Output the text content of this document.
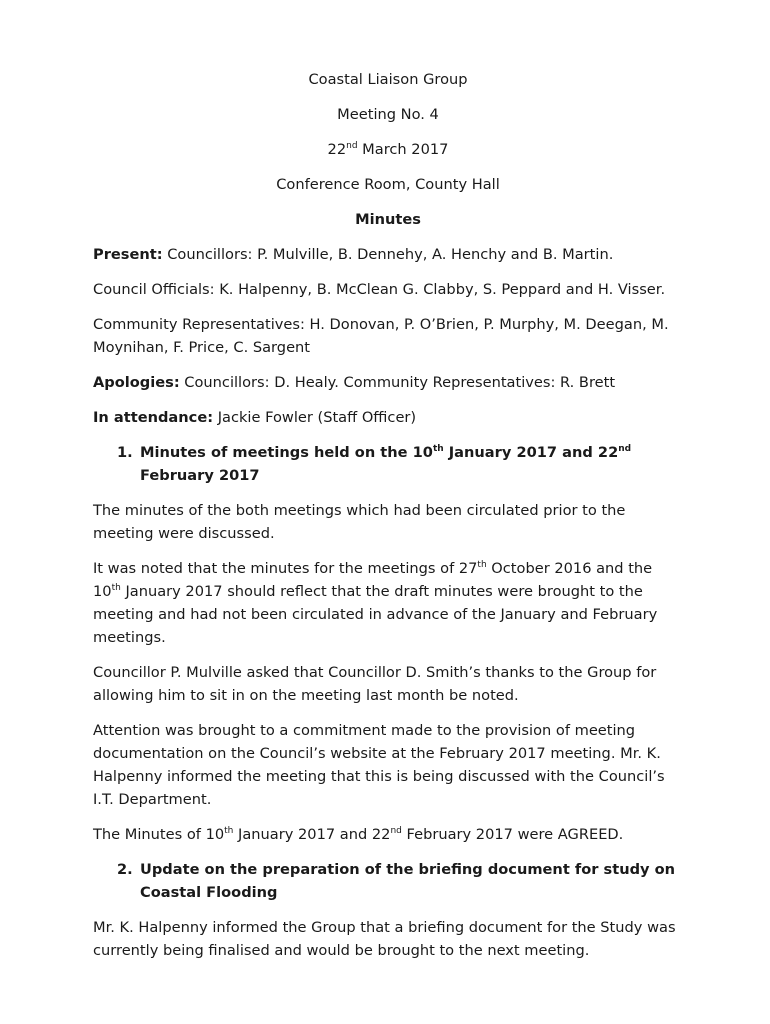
Coastal Liaison Group
Meeting No. 4
22nd March 2017
Conference Room, County Hall
Minutes

Present: Councillors: P. Mulville, B. Dennehy, A. Henchy and B. Martin.

Council Officials: K. Halpenny, B. McClean G. Clabby, S. Peppard and H. Visser.

Community Representatives: H. Donovan, P. O’Brien, P. Murphy, M. Deegan, M. Moynihan, F. Price, C. Sargent

Apologies: Councillors: D. Healy. Community Representatives: R. Brett

In attendance: Jackie Fowler (Staff Officer)

1. Minutes of meetings held on the 10th January 2017 and 22nd February 2017

The minutes of the both meetings which had been circulated prior to the meeting were discussed.

It was noted that the minutes for the meetings of 27th October 2016 and the 10th January 2017 should reflect that the draft minutes were brought to the meeting and had not been circulated in advance of the January and February meetings.

Councillor P. Mulville asked that Councillor D. Smith’s thanks to the Group for allowing him to sit in on the meeting last month be noted.

Attention was brought to a commitment made to the provision of meeting documentation on the Council’s website at the February 2017 meeting. Mr. K. Halpenny informed the meeting that this is being discussed with the Council’s I.T. Department.

The Minutes of 10th January 2017 and 22nd February 2017 were AGREED.

2. Update on the preparation of the briefing document for study on Coastal Flooding

Mr. K. Halpenny informed the Group that a briefing document for the Study was currently being finalised and would be brought to the next meeting.
